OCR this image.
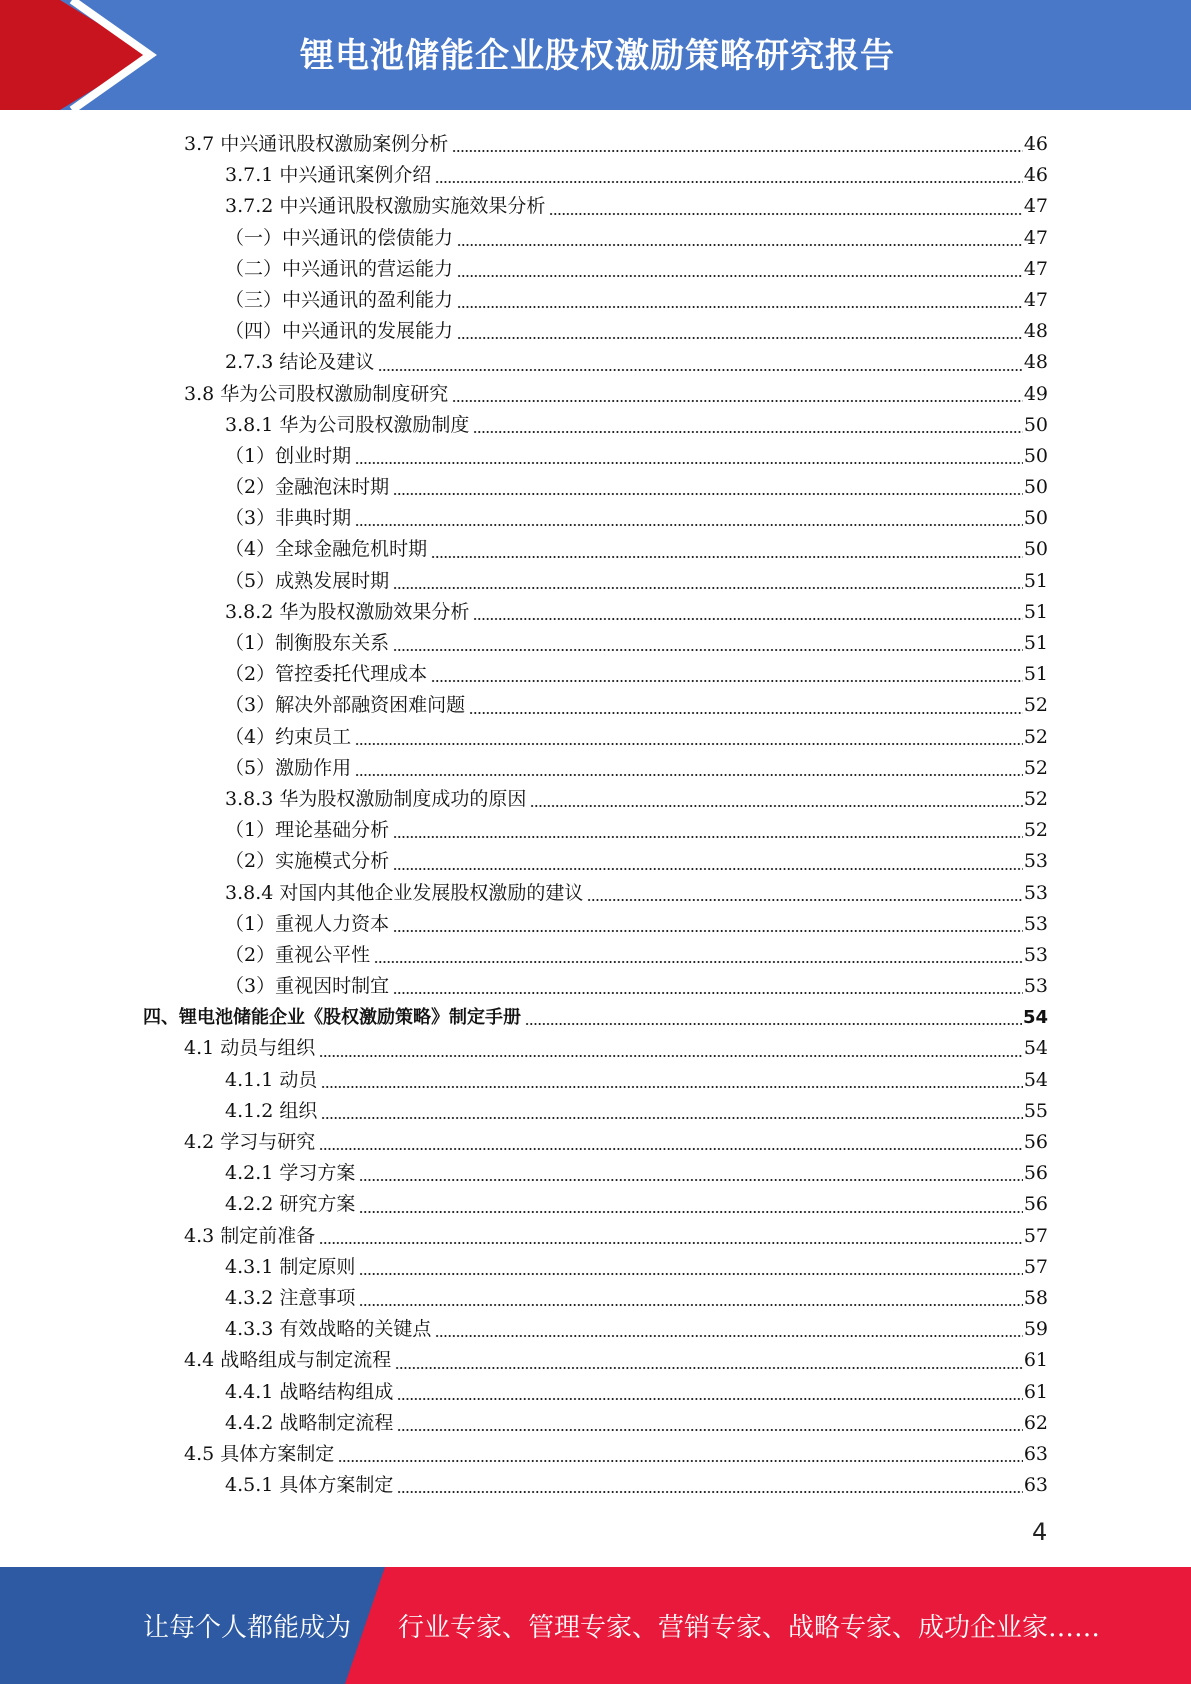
锂电池储能企业股权激励策略研究报告
3.7 中兴通讯股权激励案例分析	46
3.7.1 中兴通讯案例介绍	46
3.7.2 中兴通讯股权激励实施效果分析	47
（一）中兴通讯的偿债能力	47
（二）中兴通讯的营运能力	47
（三）中兴通讯的盈利能力	47
（四）中兴通讯的发展能力	48
2.7.3 结论及建议	48
3.8 华为公司股权激励制度研究	49
3.8.1 华为公司股权激励制度	50
（1）创业时期	50
（2）金融泡沫时期	50
（3）非典时期	50
（4）全球金融危机时期	50
（5）成熟发展时期	51
3.8.2 华为股权激励效果分析	51
（1）制衡股东关系	51
（2）管控委托代理成本	51
（3）解决外部融资困难问题	52
（4）约束员工	52
（5）激励作用	52
3.8.3 华为股权激励制度成功的原因	52
（1）理论基础分析	52
（2）实施模式分析	53
3.8.4 对国内其他企业发展股权激励的建议	53
（1）重视人力资本	53
（2）重视公平性	53
（3）重视因时制宜	53
四、锂电池储能企业《股权激励策略》制定手册	54
4.1 动员与组织	54
4.1.1 动员	54
4.1.2 组织	55
4.2 学习与研究	56
4.2.1 学习方案	56
4.2.2 研究方案	56
4.3 制定前准备	57
4.3.1 制定原则	57
4.3.2 注意事项	58
4.3.3 有效战略的关键点	59
4.4 战略组成与制定流程	61
4.4.1 战略结构组成	61
4.4.2 战略制定流程	62
4.5 具体方案制定	63
4.5.1 具体方案制定	63
4
让每个人都能成为 行业专家、管理专家、营销专家、战略专家、成功企业家……
